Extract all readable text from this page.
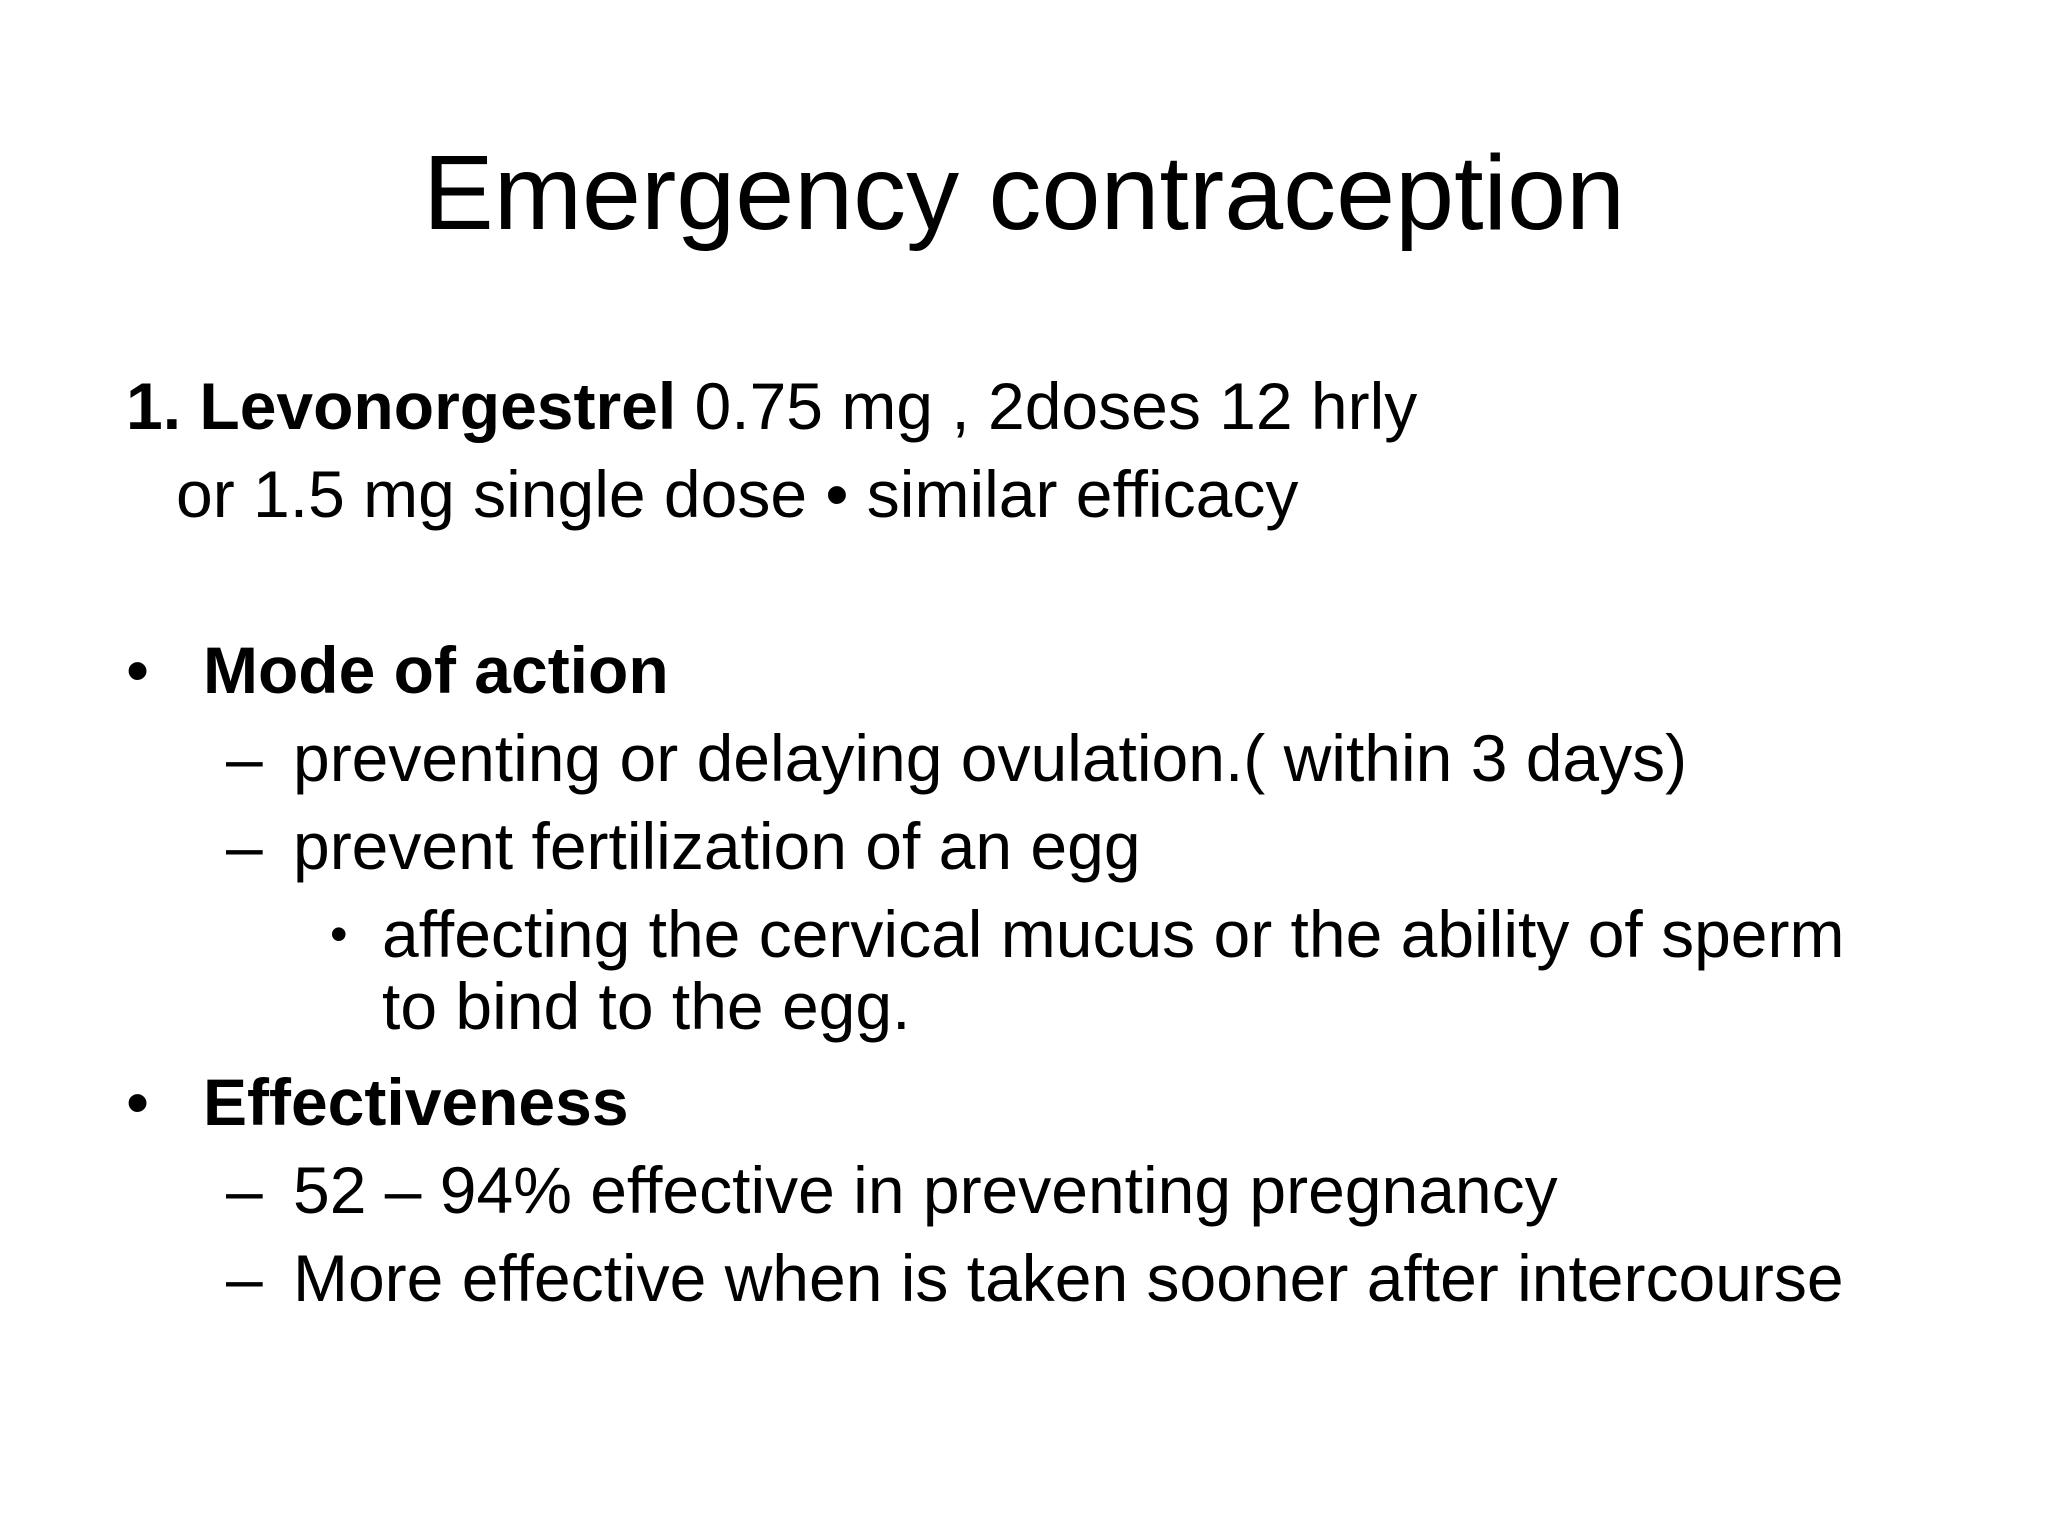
Emergency contraception
1. Levonorgestrel 0.75 mg , 2doses 12 hrly
or 1.5 mg single dose • similar efficacy
• Mode of action
– preventing or delaying ovulation.( within 3 days)
– prevent fertilization of an egg
• affecting the cervical mucus or the ability of sperm
to bind to the egg.
• Effectiveness
– 52 – 94% effective in preventing pregnancy
– More effective when is taken sooner after intercourse
